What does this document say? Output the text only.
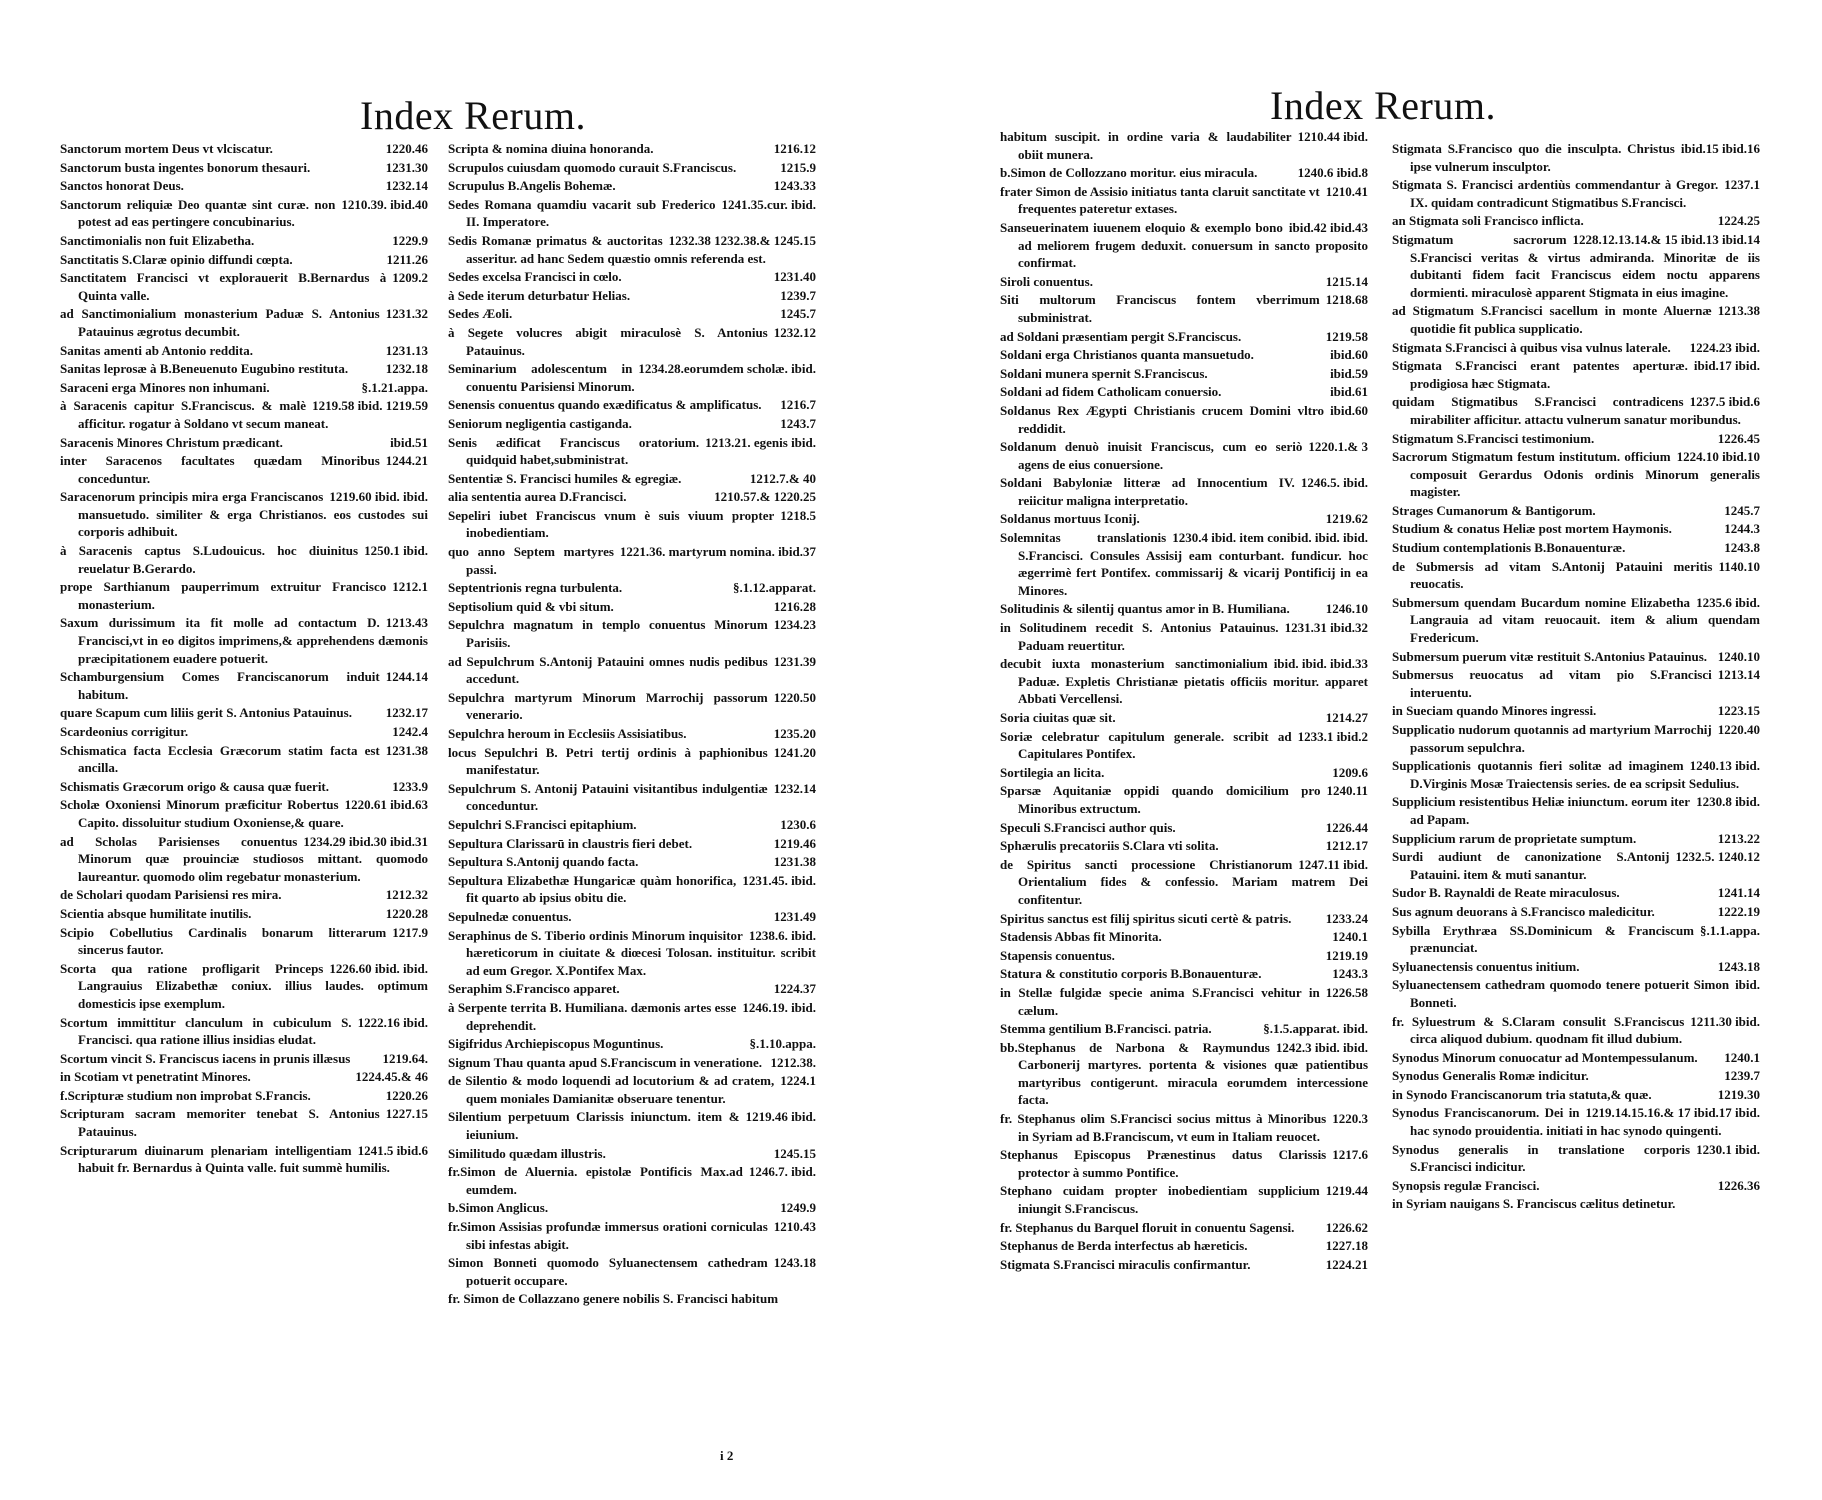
Index Rerum.
1220.46
Sanctorum mortem Deus vt vlciscatur.
1231.30
Sanctorum busta ingentes bonorum thesauri.
1232.14
Sanctos honorat Deus.
1210.39. ibid.40
Sanctorum reliquiæ Deo quantæ sint curæ. non potest ad eas pertingere concubinarius.
1229.9
Sanctimonialis non fuit Elizabetha.
1211.26
Sanctitatis S.Claræ opinio diffundi cœpta.
1209.2
Sanctitatem Francisci vt explorauerit B.Bernardus à Quinta valle.
1231.32
ad Sanctimonialium monasterium Paduæ S. Antonius Patauinus ægrotus decumbit.
1231.13
Sanitas amenti ab Antonio reddita.
1232.18
Sanitas leprosæ à B.Beneuenuto Eugubino restituta.
§.1.21.appa.
Saraceni erga Minores non inhumani.
1219.58 ibid. 1219.59
à Saracenis capitur S.Franciscus. & malè afficitur. rogatur à Soldano vt secum maneat.
ibid.51
Saracenis Minores Christum prædicant.
1244.21
inter Saracenos facultates quædam Minoribus conceduntur.
1219.60 ibid. ibid.
Saracenorum principis mira erga Franciscanos mansuetudo. similiter & erga Christianos. eos custodes sui corporis adhibuit.
1250.1 ibid.
à Saracenis captus S.Ludouicus. hoc diuinitus reuelatur B.Gerardo.
1212.1
prope Sarthianum pauperrimum extruitur Francisco monasterium.
1213.43
Saxum durissimum ita fit molle ad contactum D. Francisci,vt in eo digitos imprimens,& apprehendens dæmonis præcipitationem euadere potuerit.
1244.14
Schamburgensium Comes Franciscanorum induit habitum.
1232.17
quare Scapum cum liliis gerit S. Antonius Patauinus.
1242.4
Scardeonius corrigitur.
1231.38
Schismatica facta Ecclesia Græcorum statim facta est ancilla.
1233.9
Schismatis Græcorum origo & causa quæ fuerit.
1220.61 ibid.63
Scholæ Oxoniensi Minorum præficitur Robertus Capito. dissoluitur studium Oxoniense,& quare.
1234.29 ibid.30 ibid.31
ad Scholas Parisienses conuentus Minorum quæ prouinciæ studiosos mittant. quomodo laureantur. quomodo olim regebatur monasterium.
1212.32
de Scholari quodam Parisiensi res mira.
1220.28
Scientia absque humilitate inutilis.
1217.9
Scipio Cobellutius Cardinalis bonarum litterarum sincerus fautor.
1226.60 ibid. ibid.
Scorta qua ratione profligarit Princeps Langrauius Elizabethæ coniux. illius laudes. optimum domesticis ipse exemplum.
1222.16 ibid.
Scortum immittitur clanculum in cubiculum S. Francisci. qua ratione illius insidias eludat.
1219.64.
Scortum vincit S. Franciscus iacens in prunis illæsus
1224.45.& 46
in Scotiam vt penetratint Minores.
1220.26
f.Scripturæ studium non improbat S.Francis.
1227.15
Scripturam sacram memoriter tenebat S. Antonius Patauinus.
1241.5 ibid.6
Scripturarum diuinarum plenariam intelligentiam habuit fr. Bernardus à Quinta valle. fuit summè humilis.
1216.12
Scripta & nomina diuina honoranda.
1215.9
Scrupulos cuiusdam quomodo curauit S.Franciscus.
1243.33
Scrupulus B.Angelis Bohemæ.
1241.35.cur. ibid.
Sedes Romana quamdiu vacarit sub Frederico II. Imperatore.
1232.38 1232.38.& 1245.15
Sedis Romanæ primatus & auctoritas asseritur. ad hanc Sedem quæstio omnis referenda est.
1231.40
Sedes excelsa Francisci in cœlo.
1239.7
à Sede iterum deturbatur Helias.
1245.7
Sedes Æoli.
1232.12
à Segete volucres abigit miraculosè S. Antonius Patauinus.
1234.28.eorumdem scholæ. ibid.
Seminarium adolescentum in conuentu Parisiensi Minorum.
1216.7
Senensis conuentus quando exædificatus & amplificatus.
1243.7
Seniorum negligentia castiganda.
1213.21. egenis ibid.
Senis ædificat Franciscus oratorium. quidquid habet,subministrat.
1212.7.& 40
Sententiæ S. Francisci humiles & egregiæ.
1210.57.& 1220.25
alia sententia aurea D.Francisci.
1218.5
Sepeliri iubet Franciscus vnum è suis viuum propter inobedientiam.
1221.36. martyrum nomina. ibid.37
quo anno Septem martyres passi.
§.1.12.apparat.
Septentrionis regna turbulenta.
1216.28
Septisolium quid & vbi situm.
1234.23
Sepulchra magnatum in templo conuentus Minorum Parisiis.
1231.39
ad Sepulchrum S.Antonij Patauini omnes nudis pedibus accedunt.
1220.50
Sepulchra martyrum Minorum Marrochij passorum venerario.
1235.20
Sepulchra heroum in Ecclesiis Assisiatibus.
1241.20
locus Sepulchri B. Petri tertij ordinis à paphionibus manifestatur.
1232.14
Sepulchrum S. Antonij Patauini visitantibus indulgentiæ conceduntur.
1230.6
Sepulchri S.Francisci epitaphium.
1219.46
Sepultura Clarissarū in claustris fieri debet.
1231.38
Sepultura S.Antonij quando facta.
1231.45. ibid.
Sepultura Elizabethæ Hungaricæ quàm honorifica, fit quarto ab ipsius obitu die.
1231.49
Sepulnedæ conuentus.
1238.6. ibid.
Seraphinus de S. Tiberio ordinis Minorum inquisitor hæreticorum in ciuitate & diœcesi Tolosan. instituitur. scribit ad eum Gregor. X.Pontifex Max.
1224.37
Seraphim S.Francisco apparet.
1246.19. ibid.
à Serpente territa B. Humiliana. dæmonis artes esse deprehendit.
§.1.10.appa.
Sigifridus Archiepiscopus Moguntinus.
1212.38.
Signum Thau quanta apud S.Franciscum in veneratione.
1224.1
de Silentio & modo loquendi ad locutorium & ad cratem, quem moniales Damianitæ obseruare tenentur.
1219.46 ibid.
Silentium perpetuum Clarissis iniunctum. item & ieiunium.
1245.15
Similitudo quædam illustris.
1246.7. ibid.
fr.Simon de Aluernia. epistolæ Pontificis Max.ad eumdem.
1249.9
b.Simon Anglicus.
1210.43
fr.Simon Assisias profundæ immersus orationi corniculas sibi infestas abigit.
1243.18
Simon Bonneti quomodo Syluanectensem cathedram potuerit occupare.
fr. Simon de Collazzano genere nobilis S. Francisci habitum
i 2
Index Rerum.
1210.44 ibid.
habitum suscipit. in ordine varia & laudabiliter obiit munera.
1240.6 ibid.8
b.Simon de Collozzano moritur. eius miracula.
1210.41
frater Simon de Assisio initiatus tanta claruit sanctitate vt frequentes pateretur extases.
ibid.42 ibid.43
Sanseuerinatem iuuenem eloquio & exemplo bono ad meliorem frugem deduxit. conuersum in sancto proposito confirmat.
1215.14
Siroli conuentus.
1218.68
Siti multorum Franciscus fontem vberrimum subministrat.
1219.58
ad Soldani præsentiam pergit S.Franciscus.
ibid.60
Soldani erga Christianos quanta mansuetudo.
ibid.59
Soldani munera spernit S.Franciscus.
ibid.61
Soldani ad fidem Catholicam conuersio.
ibid.60
Soldanus Rex Ægypti Christianis crucem Domini vltro reddidit.
1220.1.& 3
Soldanum denuò inuisit Franciscus, cum eo seriò agens de eius conuersione.
1246.5. ibid.
Soldani Babyloniæ litteræ ad Innocentium IV. reiicitur maligna interpretatio.
1219.62
Soldanus mortuus Iconij.
1230.4 ibid. item conibid. ibid. ibid.
Solemnitas translationis S.Francisci. Consules Assisij eam conturbant. fundicur. hoc ægerrimè fert Pontifex. commissarij & vicarij Pontificij in ea Minores.
1246.10
Solitudinis & silentij quantus amor in B. Humiliana.
1231.31 ibid.32
in Solitudinem recedit S. Antonius Patauinus. Paduam reuertitur.
ibid. ibid. ibid.33
decubit iuxta monasterium sanctimonialium Paduæ. Expletis Christianæ pietatis officiis moritur. apparet Abbati Vercellensi.
1214.27
Soria ciuitas quæ sit.
1233.1 ibid.2
Soriæ celebratur capitulum generale. scribit ad Capitulares Pontifex.
1209.6
Sortilegia an licita.
1240.11
Sparsæ Aquitaniæ oppidi quando domicilium pro Minoribus extructum.
1226.44
Speculi S.Francisci author quis.
1212.17
Sphærulis precatoriis S.Clara vti solita.
1247.11 ibid.
de Spiritus sancti processione Christianorum Orientalium fides & confessio. Mariam matrem Dei confitentur.
1233.24
Spiritus sanctus est filij spiritus sicuti certè & patris.
1240.1
Stadensis Abbas fit Minorita.
1219.19
Stapensis conuentus.
1243.3
Statura & constitutio corporis B.Bonauenturæ.
1226.58
in Stellæ fulgidæ specie anima S.Francisci vehitur in cælum.
§.1.5.apparat. ibid.
Stemma gentilium B.Francisci. patria.
1242.3 ibid. ibid.
bb.Stephanus de Narbona & Raymundus Carbonerij martyres. portenta & visiones quæ patientibus martyribus contigerunt. miracula eorumdem intercessione facta.
1220.3
fr. Stephanus olim S.Francisci socius mittus à Minoribus in Syriam ad B.Franciscum, vt eum in Italiam reuocet.
1217.6
Stephanus Episcopus Prænestinus datus Clarissis protector à summo Pontifice.
1219.44
Stephano cuidam propter inobedientiam supplicium iniungit S.Franciscus.
1226.62
fr. Stephanus du Barquel floruit in conuentu Sagensi.
1227.18
Stephanus de Berda interfectus ab hæreticis.
1224.21
Stigmata S.Francisci miraculis confirmantur.
ibid.15 ibid.16
Stigmata S.Francisco quo die insculpta. Christus ipse vulnerum insculptor.
1237.1
Stigmata S. Francisci ardentiùs commendantur à Gregor. IX. quidam contradicunt Stigmatibus S.Francisci.
1224.25
an Stigmata soli Francisco inflicta.
1228.12.13.14.& 15 ibid.13 ibid.14
Stigmatum sacrorum S.Francisci veritas & virtus admiranda. Minoritæ de iis dubitanti fidem facit Franciscus eidem noctu apparens dormienti. miraculosè apparent Stigmata in eius imagine.
1213.38
ad Stigmatum S.Francisci sacellum in monte Aluernæ quotidie fit publica supplicatio.
1224.23 ibid.
Stigmata S.Francisci à quibus visa vulnus laterale.
ibid.17 ibid.
Stigmata S.Francisci erant patentes aperturæ. prodigiosa hæc Stigmata.
1237.5 ibid.6
quidam Stigmatibus S.Francisci contradicens mirabiliter afficitur. attactu vulnerum sanatur moribundus.
1226.45
Stigmatum S.Francisci testimonium.
1224.10 ibid.10
Sacrorum Stigmatum festum institutum. officium composuit Gerardus Odonis ordinis Minorum generalis magister.
1245.7
Strages Cumanorum & Bantigorum.
1244.3
Studium & conatus Heliæ post mortem Haymonis.
1243.8
Studium contemplationis B.Bonauenturæ.
1140.10
de Submersis ad vitam S.Antonij Patauini meritis reuocatis.
1235.6 ibid.
Submersum quendam Bucardum nomine Elizabetha Langrauia ad vitam reuocauit. item & alium quendam Fredericum.
1240.10
Submersum puerum vitæ restituit S.Antonius Patauinus.
1213.14
Submersus reuocatus ad vitam pio S.Francisci interuentu.
1223.15
in Sueciam quando Minores ingressi.
1220.40
Supplicatio nudorum quotannis ad martyrium Marrochij passorum sepulchra.
1240.13 ibid.
Supplicationis quotannis fieri solitæ ad imaginem D.Virginis Mosæ Traiectensis series. de ea scripsit Sedulius.
1230.8 ibid.
Supplicium resistentibus Heliæ iniunctum. eorum iter ad Papam.
1213.22
Supplicium rarum de proprietate sumptum.
1232.5. 1240.12
Surdi audiunt de canonizatione S.Antonij Patauini. item & muti sanantur.
1241.14
Sudor B. Raynaldi de Reate miraculosus.
1222.19
Sus agnum deuorans à S.Francisco maledicitur.
§.1.1.appa.
Sybilla Erythræa SS.Dominicum & Franciscum prænunciat.
1243.18
Syluanectensis conuentus initium.
ibid.
Syluanectensem cathedram quomodo tenere potuerit Simon Bonneti.
1211.30 ibid.
fr. Syluestrum & S.Claram consulit S.Franciscus circa aliquod dubium. quodnam fit illud dubium.
1240.1
Synodus Minorum conuocatur ad Montempessulanum.
1239.7
Synodus Generalis Romæ indicitur.
1219.30
in Synodo Franciscanorum tria statuta,& quæ.
1219.14.15.16.& 17 ibid.17 ibid.
Synodus Franciscanorum. Dei in hac synodo prouidentia. initiati in hac synodo quingenti.
1230.1 ibid.
Synodus generalis in translatione corporis S.Francisci indicitur.
1226.36
Synopsis regulæ Francisci.
in Syriam nauigans S. Franciscus cælitus detinetur.
